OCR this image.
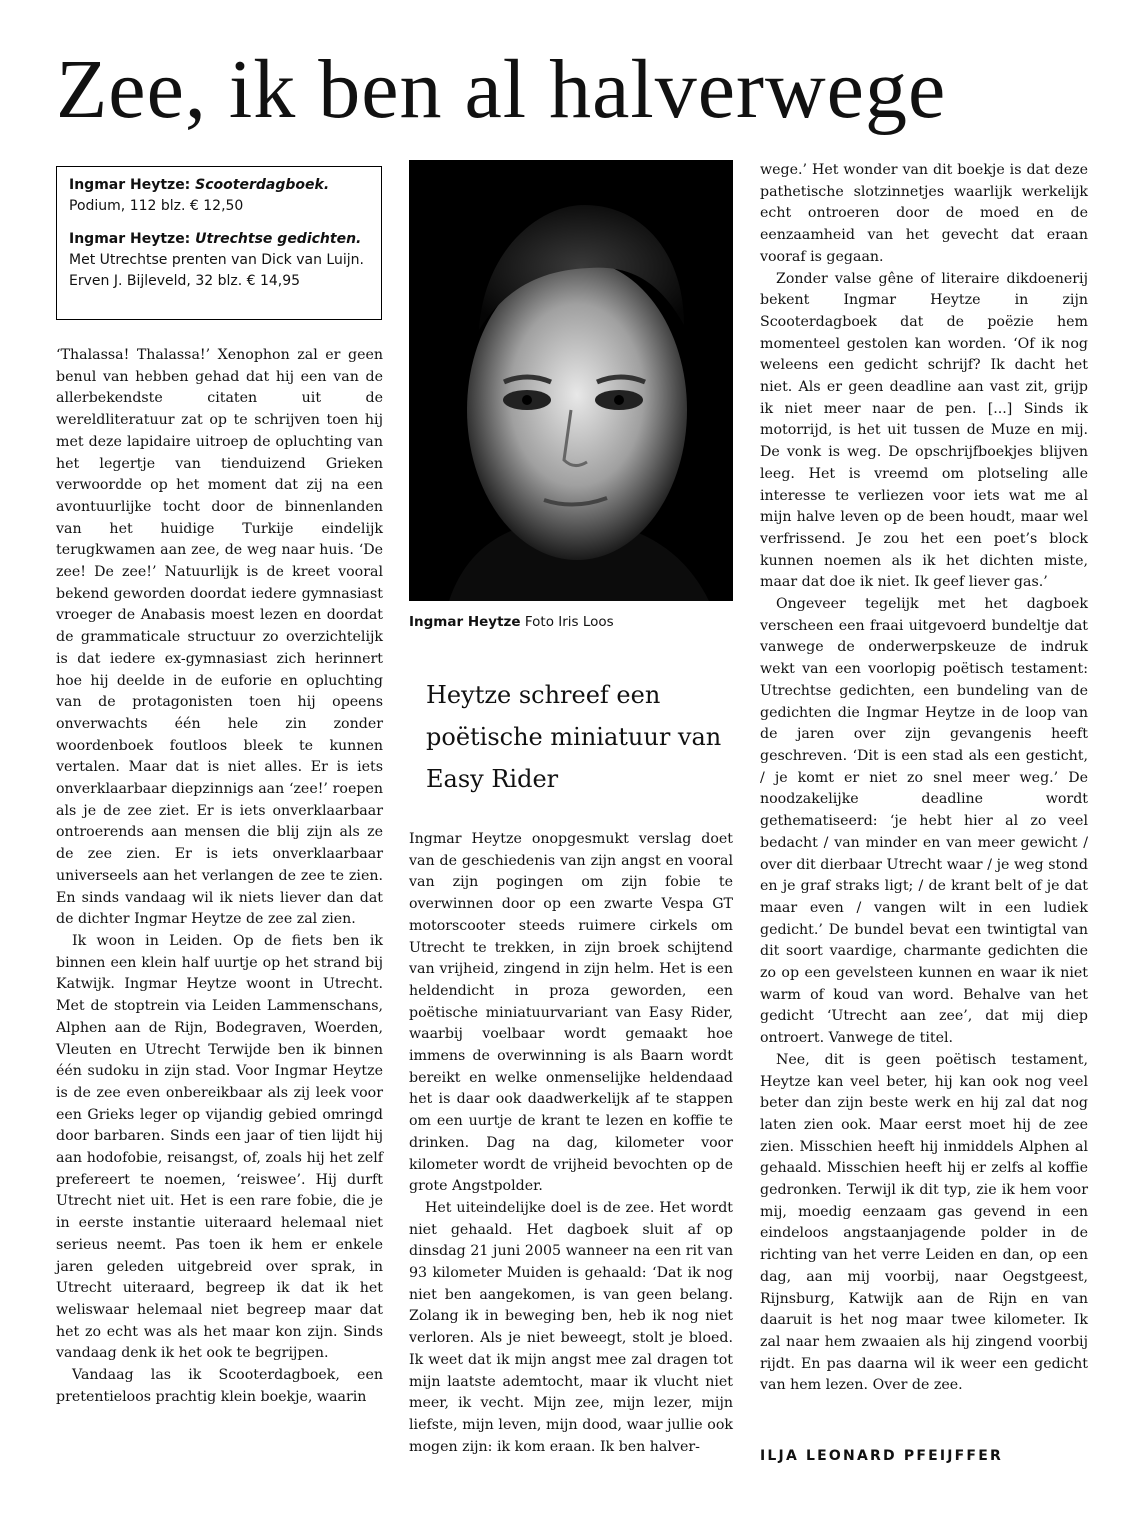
Zee, ik ben al halverwege

Ingmar Heytze: Scooterdagboek.
Podium, 112 blz. € 12,50

Ingmar Heytze: Utrechtse gedichten. Met Utrechtse prenten van Dick van Luijn. Erven J. Bijleveld, 32 blz. € 14,95

‘Thalassa! Thalassa!’ Xenophon zal er geen benul van hebben gehad dat hij een van de allerbekendste citaten uit de wereldliteratuur zat op te schrijven toen hij met deze lapidaire uitroep de opluchting van het legertje van tienduizend Grieken verwoordde op het moment dat zij na een avontuurlijke tocht door de binnenlanden van het huidige Turkije eindelijk terugkwamen aan zee, de weg naar huis. ‘De zee! De zee!’ Natuurlijk is de kreet vooral bekend geworden doordat iedere gymnasiast vroeger de Anabasis moest lezen en doordat de grammaticale structuur zo overzichtelijk is dat iedere ex-gymnasiast zich herinnert hoe hij deelde in de euforie en opluchting van de protagonisten toen hij opeens onverwachts één hele zin zonder woordenboek foutloos bleek te kunnen vertalen. Maar dat is niet alles. Er is iets onverklaarbaar diepzinnigs aan ‘zee!’ roepen als je de zee ziet. Er is iets onverklaarbaar ontroerends aan mensen die blij zijn als ze de zee zien. Er is iets onverklaarbaar universeels aan het verlangen de zee te zien. En sinds vandaag wil ik niets liever dan dat de dichter Ingmar Heytze de zee zal zien.

Ik woon in Leiden. Op de fiets ben ik binnen een klein half uurtje op het strand bij Katwijk. Ingmar Heytze woont in Utrecht. Met de stoptrein via Leiden Lammenschans, Alphen aan de Rijn, Bodegraven, Woerden, Vleuten en Utrecht Terwijde ben ik binnen één sudoku in zijn stad. Voor Ingmar Heytze is de zee even onbereikbaar als zij leek voor een Grieks leger op vijandig gebied omringd door barbaren. Sinds een jaar of tien lijdt hij aan hodofobie, reisangst, of, zoals hij het zelf prefereert te noemen, ‘reiswee’. Hij durft Utrecht niet uit. Het is een rare fobie, die je in eerste instantie uiteraard helemaal niet serieus neemt. Pas toen ik hem er enkele jaren geleden uitgebreid over sprak, in Utrecht uiteraard, begreep ik dat ik het weliswaar helemaal niet begreep maar dat het zo echt was als het maar kon zijn. Sinds vandaag denk ik het ook te begrijpen.

Vandaag las ik Scooterdagboek, een pretentieloos prachtig klein boekje, waarin

Ingmar Heytze Foto Iris Loos
Heytze schreef een poëtische miniatuur van Easy Rider

Ingmar Heytze onopgesmukt verslag doet van de geschiedenis van zijn angst en vooral van zijn pogingen om zijn fobie te overwinnen door op een zwarte Vespa GT motorscooter steeds ruimere cirkels om Utrecht te trekken, in zijn broek schijtend van vrijheid, zingend in zijn helm. Het is een heldendicht in proza geworden, een poëtische miniatuurvariant van Easy Rider, waarbij voelbaar wordt gemaakt hoe immens de overwinning is als Baarn wordt bereikt en welke onmenselijke heldendaad het is daar ook daadwerkelijk af te stappen om een uurtje de krant te lezen en koffie te drinken. Dag na dag, kilometer voor kilometer wordt de vrijheid bevochten op de grote Angstpolder.

Het uiteindelijke doel is de zee. Het wordt niet gehaald. Het dagboek sluit af op dinsdag 21 juni 2005 wanneer na een rit van 93 kilometer Muiden is gehaald: ‘Dat ik nog niet ben aangekomen, is van geen belang. Zolang ik in beweging ben, heb ik nog niet verloren. Als je niet beweegt, stolt je bloed. Ik weet dat ik mijn angst mee zal dragen tot mijn laatste ademtocht, maar ik vlucht niet meer, ik vecht. Mijn zee, mijn lezer, mijn liefste, mijn leven, mijn dood, waar jullie ook mogen zijn: ik kom eraan. Ik ben halver-

wege.’ Het wonder van dit boekje is dat deze pathetische slotzinnetjes waarlijk werkelijk echt ontroeren door de moed en de eenzaamheid van het gevecht dat eraan vooraf is gegaan.

Zonder valse gêne of literaire dikdoenerij bekent Ingmar Heytze in zijn Scooterdagboek dat de poëzie hem momenteel gestolen kan worden. ‘Of ik nog weleens een gedicht schrijf? Ik dacht het niet. Als er geen deadline aan vast zit, grijp ik niet meer naar de pen. [...] Sinds ik motorrijd, is het uit tussen de Muze en mij. De vonk is weg. De opschrijfboekjes blijven leeg. Het is vreemd om plotseling alle interesse te verliezen voor iets wat me al mijn halve leven op de been houdt, maar wel verfrissend. Je zou het een poet’s block kunnen noemen als ik het dichten miste, maar dat doe ik niet. Ik geef liever gas.’

Ongeveer tegelijk met het dagboek verscheen een fraai uitgevoerd bundeltje dat vanwege de onderwerpskeuze de indruk wekt van een voorlopig poëtisch testament: Utrechtse gedichten, een bundeling van de gedichten die Ingmar Heytze in de loop van de jaren over zijn gevangenis heeft geschreven. ‘Dit is een stad als een gesticht, / je komt er niet zo snel meer weg.’ De noodzakelijke deadline wordt gethematiseerd: ‘je hebt hier al zo veel bedacht / van minder en van meer gewicht / over dit dierbaar Utrecht waar / je weg stond en je graf straks ligt; / de krant belt of je dat maar even / vangen wilt in een ludiek gedicht.’ De bundel bevat een twintigtal van dit soort vaardige, charmante gedichten die zo op een gevelsteen kunnen en waar ik niet warm of koud van word. Behalve van het gedicht ‘Utrecht aan zee’, dat mij diep ontroert. Vanwege de titel.

Nee, dit is geen poëtisch testament, Heytze kan veel beter, hij kan ook nog veel beter dan zijn beste werk en hij zal dat nog laten zien ook. Maar eerst moet hij de zee zien. Misschien heeft hij inmiddels Alphen al gehaald. Misschien heeft hij er zelfs al koffie gedronken. Terwijl ik dit typ, zie ik hem voor mij, moedig eenzaam gas gevend in een eindeloos angstaanjagende polder in de richting van het verre Leiden en dan, op een dag, aan mij voorbij, naar Oegstgeest, Rijnsburg, Katwijk aan de Rijn en van daaruit is het nog maar twee kilometer. Ik zal naar hem zwaaien als hij zingend voorbij rijdt. En pas daarna wil ik weer een gedicht van hem lezen. Over de zee.

ILJA LEONARD PFEIJFFER
